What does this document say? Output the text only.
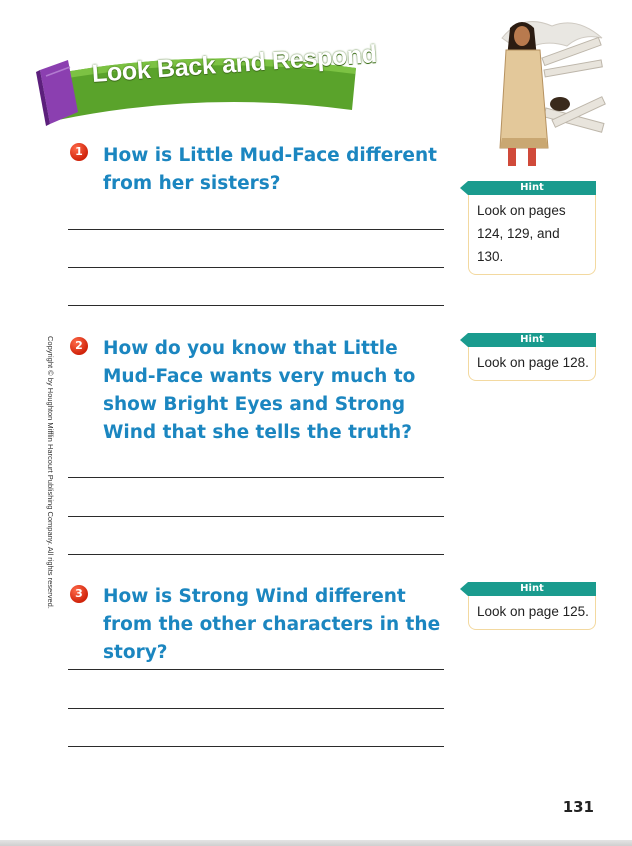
Look Back and Respond
1 How is Little Mud-Face different from her sisters?	Hint
Look on pages 124, 129, and 130.
2 How do you know that Little Mud-Face wants very much to show Bright Eyes and Strong Wind that she tells the truth?
Hint
Look on page 128.
3 How is Strong Wind different from the other characters in the story?
Hint
Look on page 125.
Copyright © by Houghton Mifflin Harcourt Publishing Company. All rights reserved.
131
